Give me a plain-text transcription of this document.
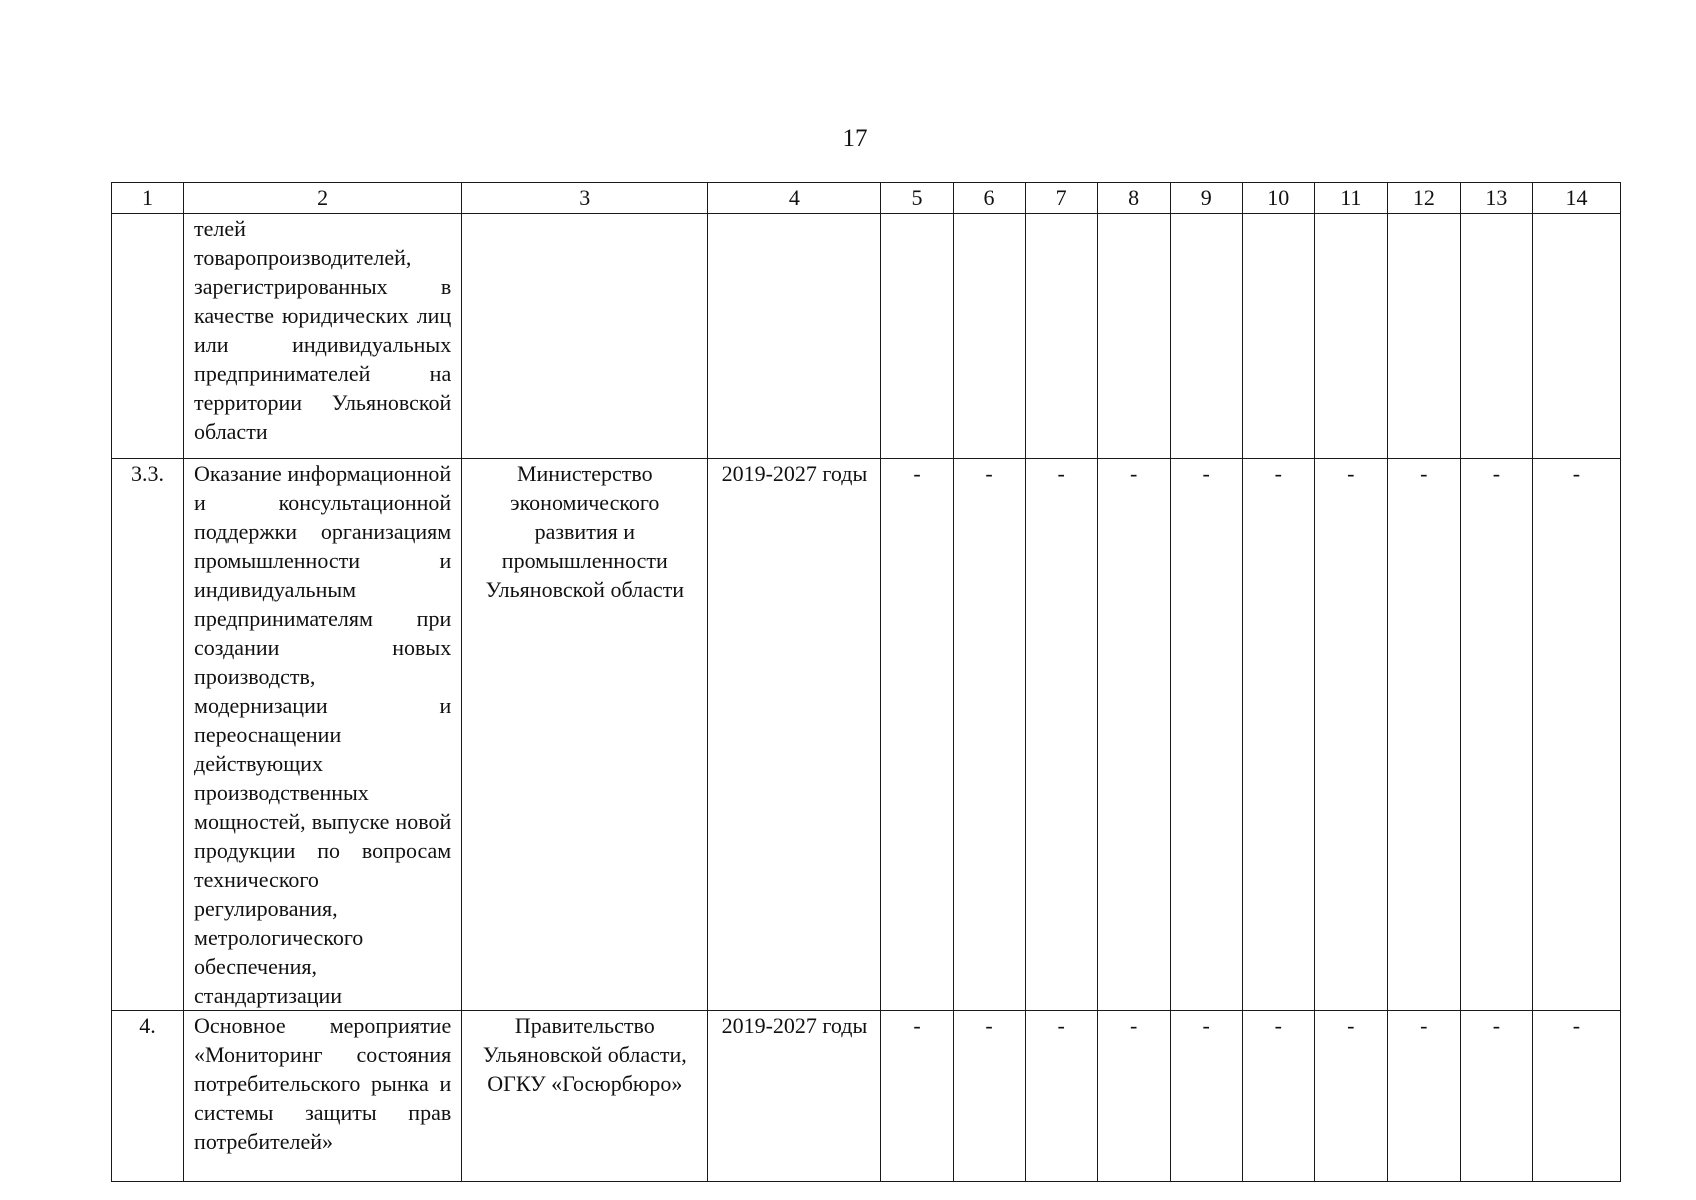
17
1	2	3	4	5	6	7	8	9	10	11	12	13	14
	телей товаропроизводителей, зарегистрированных в качестве юридических лиц или индивидуальных предпринимателей на территории Ульяновской области												
3.3.	Оказание информационной и консультационной поддержки организациям промышленности и индивидуальным предпринимателям при создании новых производств, модернизации и переоснащении действующих производственных мощностей, выпуске новой продукции по вопросам технического регулирования, метрологического обеспечения, стандартизации	Министерство экономического развития и промышленности Ульяновской области	2019-2027 годы	-	-	-	-	-	-	-	-	-	-
4.	Основное мероприятие «Мониторинг состояния потребительского рынка и системы защиты прав потребителей»	Правительство Ульяновской области, ОГКУ «Госюрбюро»	2019-2027 годы	-	-	-	-	-	-	-	-	-	-
